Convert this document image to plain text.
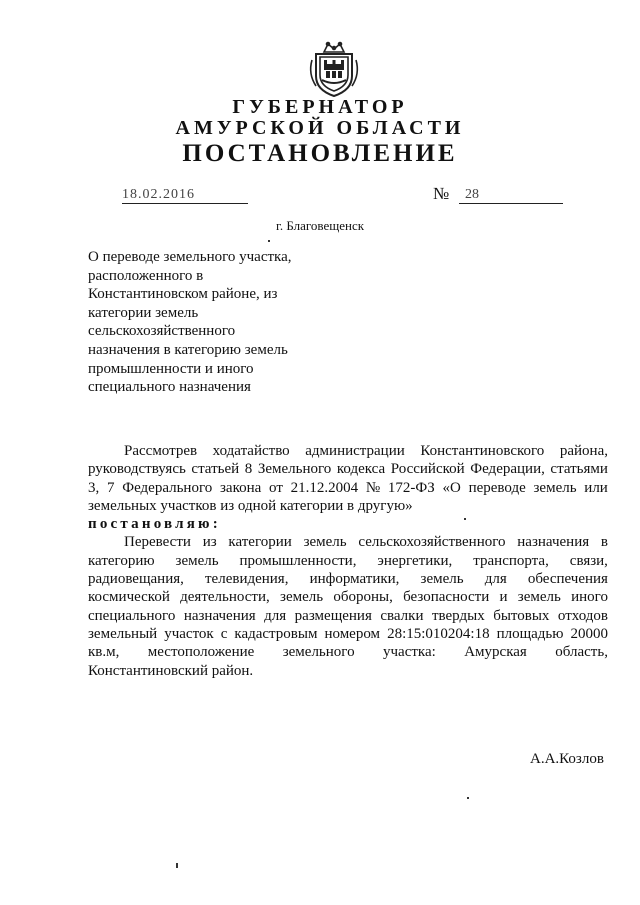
ГУБЕРНАТОР
АМУРСКОЙ ОБЛАСТИ
ПОСТАНОВЛЕНИЕ
18.02.2016	№	28
г. Благовещенск
О переводе земельного участка,
расположенного в
Константиновском районе, из
категории земель
сельскохозяйственного
назначения в категорию земель
промышленности и иного
специального назначения
Рассмотрев ходатайство администрации Константиновского района,
руководствуясь статьей 8 Земельного кодекса Российской Федерации, статьями
3, 7 Федерального закона от 21.12.2004 № 172-ФЗ «О переводе земель или
земельных участков из одной категории в другую»
постановляю:
Перевести из категории земель сельскохозяйственного назначения в
категорию земель промышленности, энергетики, транспорта, связи,
радиовещания, телевидения, информатики, земель для обеспечения
космической деятельности, земель обороны, безопасности и земель иного
специального назначения для размещения свалки твердых бытовых отходов
земельный участок с кадастровым номером 28:15:010204:18 площадью 20000
кв.м, местоположение земельного участка: Амурская область,
Константиновский район.
А.А.Козлов
